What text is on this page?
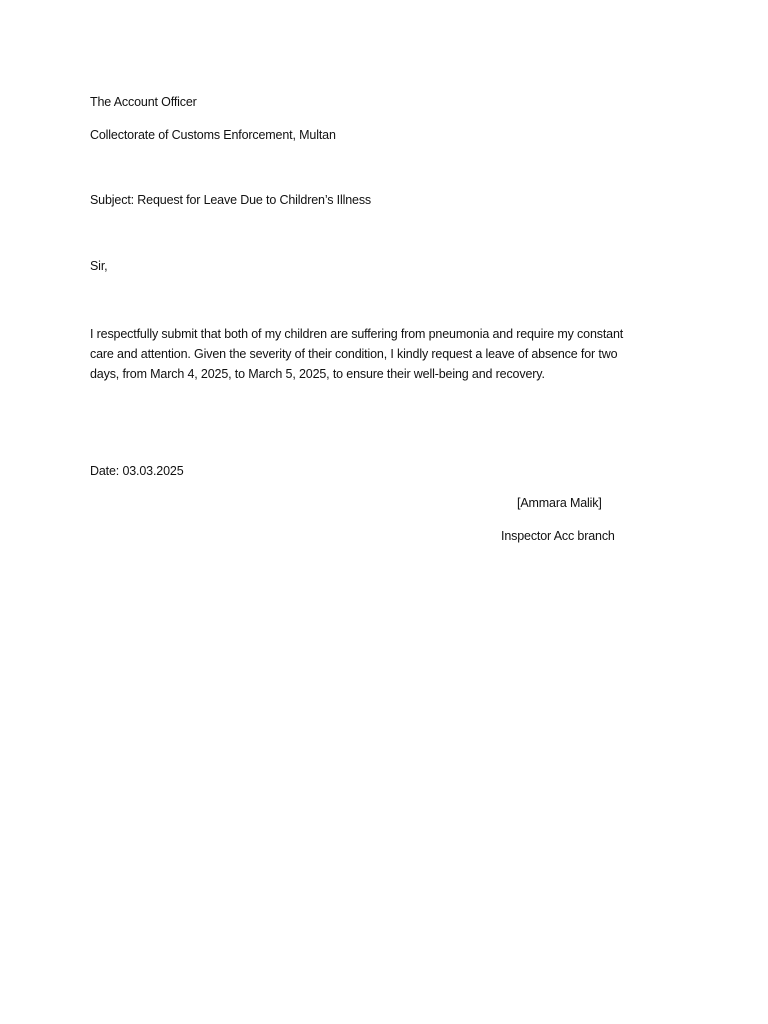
The Account Officer
Collectorate of Customs Enforcement, Multan
Subject: Request for Leave Due to Children’s Illness
Sir,
I respectfully submit that both of my children are suffering from pneumonia and require my constant
care and attention. Given the severity of their condition, I kindly request a leave of absence for two
days, from March 4, 2025, to March 5, 2025, to ensure their well-being and recovery.
Date: 03.03.2025
[Ammara Malik]
Inspector Acc branch
